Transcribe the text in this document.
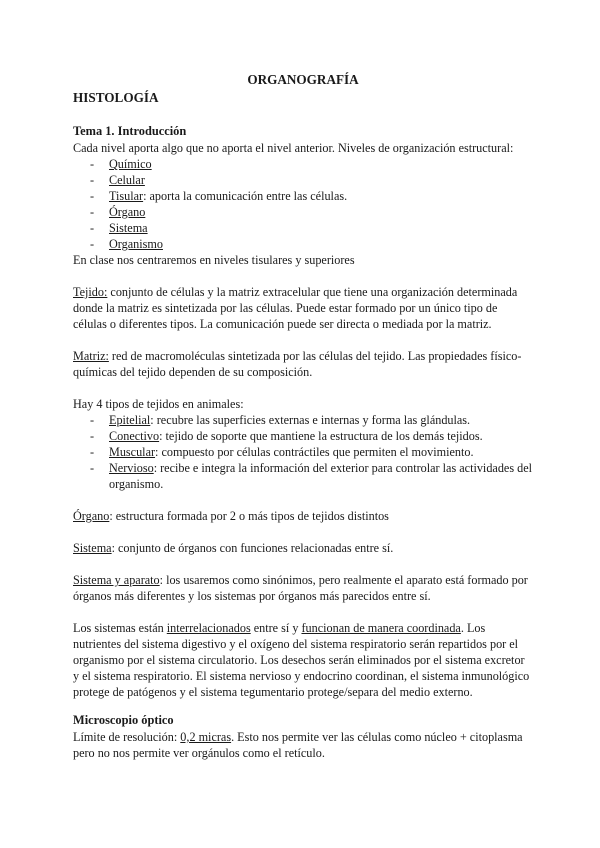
ORGANOGRAFÍA
HISTOLOGÍA
Tema 1. Introducción

Cada nivel aporta algo que no aporta el nivel anterior. Niveles de organización estructural:

- Químico
- Celular
- Tisular: aporta la comunicación entre las células.
- Órgano
- Sistema
- Organismo

En clase nos centraremos en niveles tisulares y superiores

Tejido: conjunto de células y la matriz extracelular que tiene una organización determinada donde la matriz es sintetizada por las células. Puede estar formado por un único tipo de células o diferentes tipos. La comunicación puede ser directa o mediada por la matriz.

Matriz: red de macromoléculas sintetizada por las células del tejido. Las propiedades físico-químicas del tejido dependen de su composición.

Hay 4 tipos de tejidos en animales:

- Epitelial: recubre las superficies externas e internas y forma las glándulas.
- Conectivo: tejido de soporte que mantiene la estructura de los demás tejidos.
- Muscular: compuesto por células contráctiles que permiten el movimiento.
- Nervioso: recibe e integra la información del exterior para controlar las actividades del organismo.

Órgano: estructura formada por 2 o más tipos de tejidos distintos

Sistema: conjunto de órganos con funciones relacionadas entre sí.

Sistema y aparato: los usaremos como sinónimos, pero realmente el aparato está formado por órganos más diferentes y los sistemas por órganos más parecidos entre sí.

Los sistemas están interrelacionados entre sí y funcionan de manera coordinada. Los nutrientes del sistema digestivo y el oxígeno del sistema respiratorio serán repartidos por el organismo por el sistema circulatorio. Los desechos serán eliminados por el sistema excretor y el sistema respiratorio. El sistema nervioso y endocrino coordinan, el sistema inmunológico protege de patógenos y el sistema tegumentario protege/separa del medio externo.

Microscopio óptico

Límite de resolución: 0,2 micras. Esto nos permite ver las células como núcleo + citoplasma pero no nos permite ver orgánulos como el retículo.
